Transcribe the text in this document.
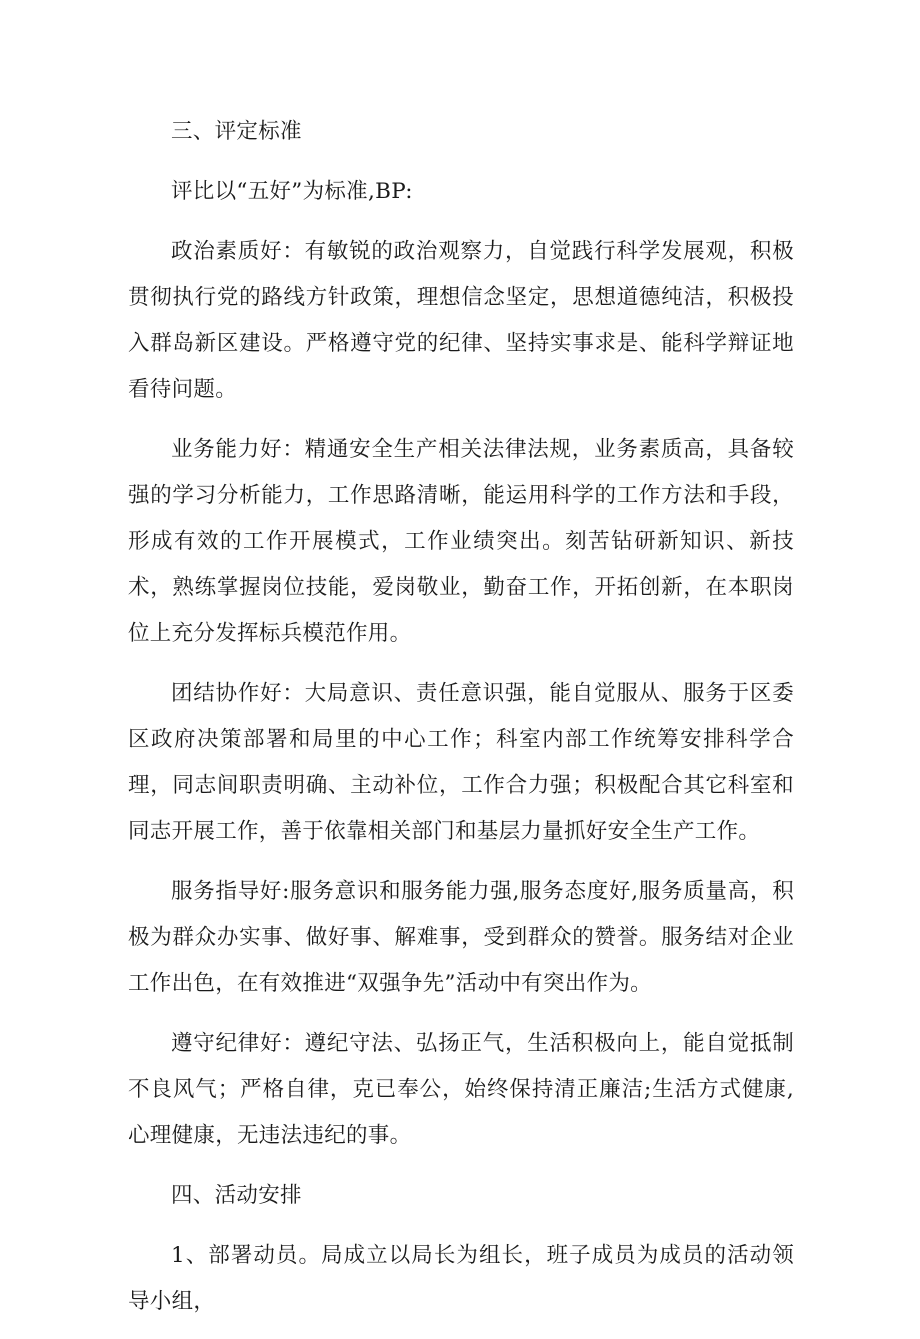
三、评定标准

评比以“五好”为标准,BP:

政治素质好：有敏锐的政治观察力，自觉践行科学发展观，积极贯彻执行党的路线方针政策，理想信念坚定，思想道德纯洁，积极投入群岛新区建设。严格遵守党的纪律、坚持实事求是、能科学辩证地看待问题。

业务能力好：精通安全生产相关法律法规，业务素质高，具备较强的学习分析能力，工作思路清晰，能运用科学的工作方法和手段，形成有效的工作开展模式，工作业绩突出。刻苦钻研新知识、新技术，熟练掌握岗位技能，爱岗敬业，勤奋工作，开拓创新，在本职岗位上充分发挥标兵模范作用。

团结协作好：大局意识、责任意识强，能自觉服从、服务于区委区政府决策部署和局里的中心工作；科室内部工作统筹安排科学合理，同志间职责明确、主动补位，工作合力强；积极配合其它科室和同志开展工作，善于依靠相关部门和基层力量抓好安全生产工作。

服务指导好:服务意识和服务能力强,服务态度好,服务质量高，积极为群众办实事、做好事、解难事，受到群众的赞誉。服务结对企业工作出色，在有效推进“双强争先”活动中有突出作为。

遵守纪律好：遵纪守法、弘扬正气，生活积极向上，能自觉抵制不良风气；严格自律，克已奉公，始终保持清正廉洁;生活方式健康,心理健康，无违法违纪的事。

四、活动安排

1、部署动员。局成立以局长为组长，班子成员为成员的活动领导小组，
